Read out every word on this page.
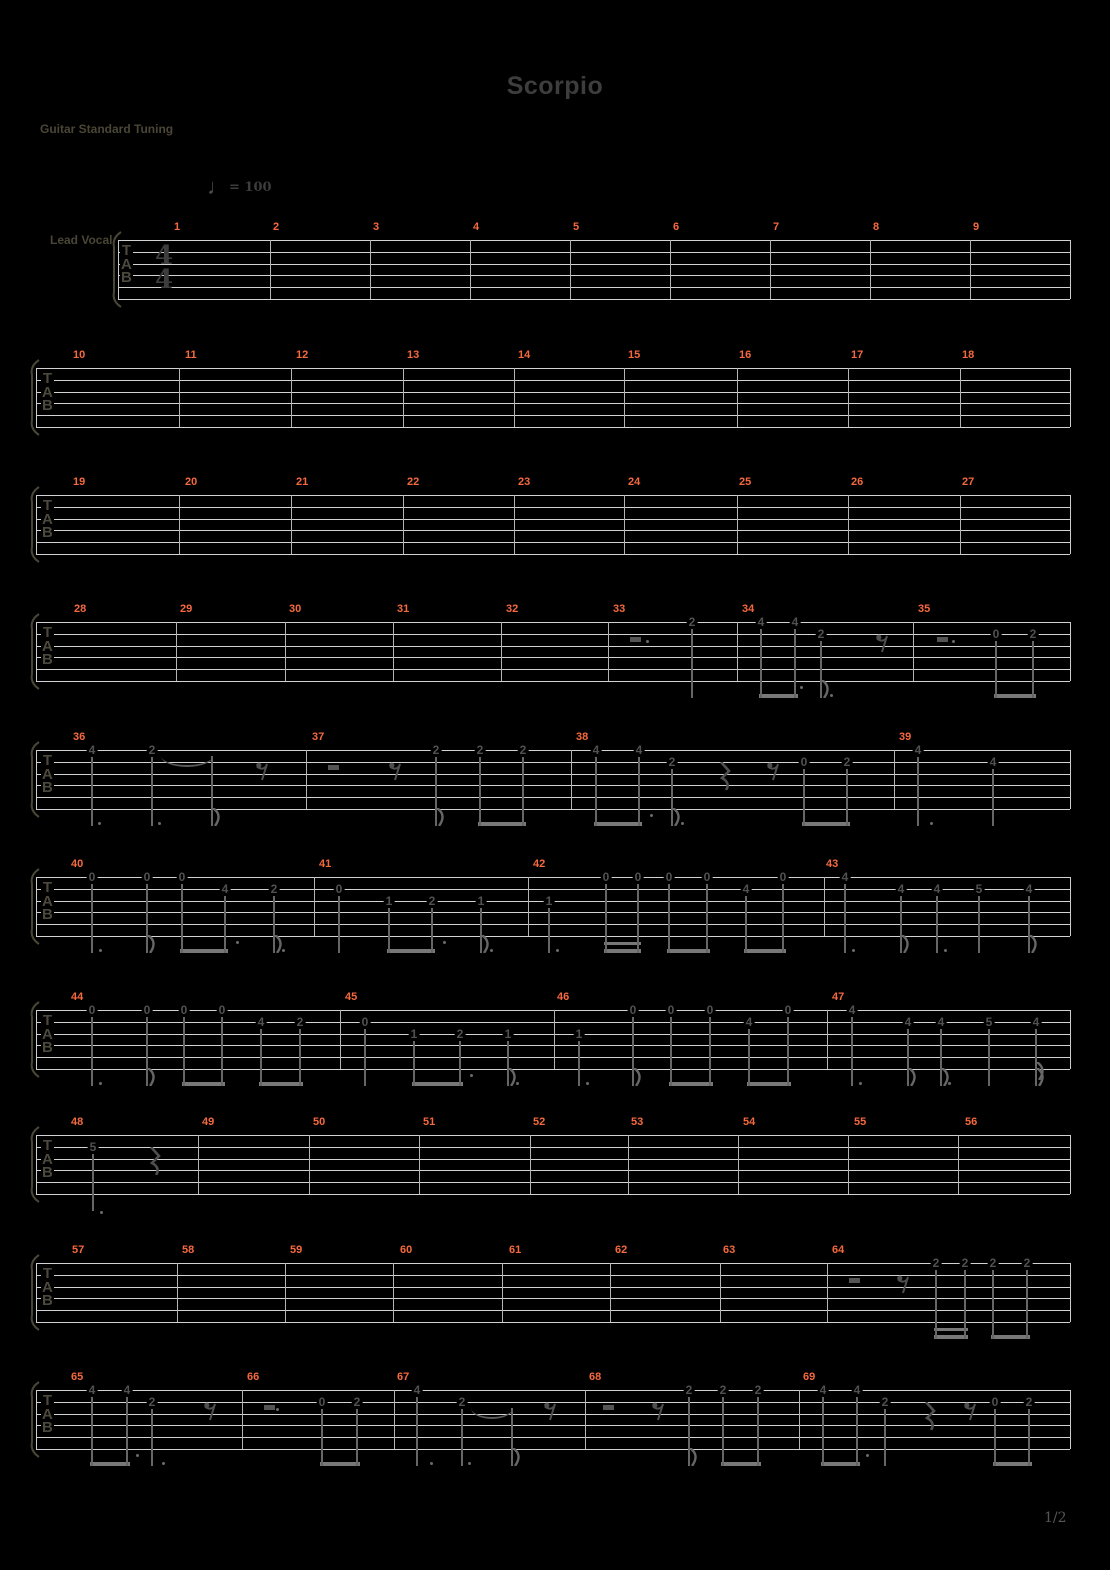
Scorpio
Guitar Standard Tuning
♩= 100
Lead Vocal
T
A
B
4
4
1	2	3	4	5	6	7	8	9
T
A
B
10	11	12	13	14	15	16	17	18
T
A
B
19	20	21	22	23	24	25	26	27
T
A
B
28	29	30	31	32	33	34	35
2	4 4
2	0	2
T
A
B
36	37	38	39
4	2	2	2	2	4	4
2	0	2
4
4
T
A
B
40	41	42	43
0	0 0
4	2	0
1	2	1	1
0 0 0	0
4
0	4
4 4	5	4
T
A
B
44	45	46	47
0	0	0	0
4	2	0
1	2	1	1
0	0	0
4
0	4
4 4	5	4
T
A
B
48	49	50	51	52	53	54	55	56
5
T
A
B
57	58	59	60	61	62	63	64
2 2 2 2
T
A
B
65	66	67	68	69
4 4
2	0 2
4
2
2 2 2	4 4
2	0 2
1/2
